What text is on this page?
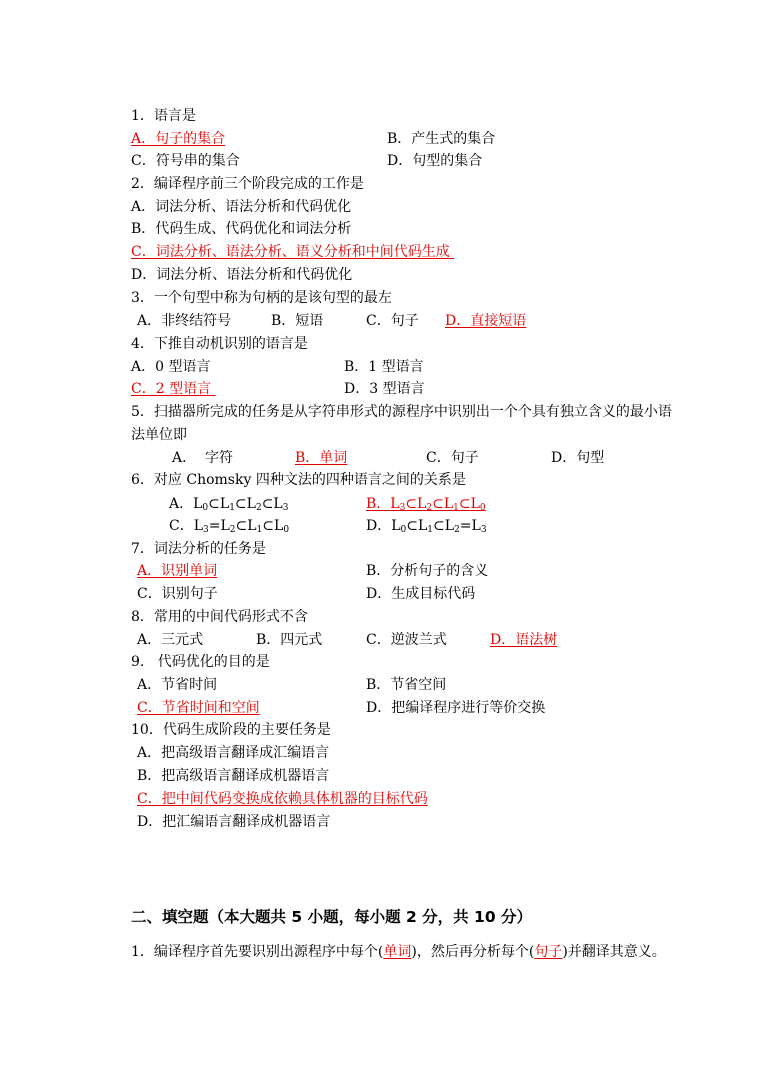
1．语言是
A．句子的集合	B．产生式的集合
C．符号串的集合	D．句型的集合
2．编译程序前三个阶段完成的工作是
A．词法分析、语法分析和代码优化
B．代码生成、代码优化和词法分析
C．词法分析、语法分析、语义分析和中间代码生成
D．词法分析、语法分析和代码优化
3．一个句型中称为句柄的是该句型的最左
A．非终结符号	B．短语	C．句子 D．直接短语
4．下推自动机识别的语言是
A．0 型语言	B．1 型语言
C．2 型语言	D．3 型语言
5．扫描器所完成的任务是从字符串形式的源程序中识别出一个个具有独立含义的最小语
法单位即
A．  字符	B．单词	C．句子	D．句型
6．对应 Chomsky 四种文法的四种语言之间的关系是
A．$L_0\subset L_1\subset L_2\subset L_3$	B．$L_3\subset L_2\subset L_1\subset L_0$
C．$L_3=L_2\subset L_1\subset L_0$	D．$L_0\subset L_1\subset L_2=L_3$
7．词法分析的任务是
A．识别单词	B．分析句子的含义
C．识别句子	D．生成目标代码
8．常用的中间代码形式不含
A．三元式	B．四元式	C．逆波兰式	D．语法树
9.   代码优化的目的是
A．节省时间	B．节省空间
C．节省时间和空间	D．把编译程序进行等价交换
10．代码生成阶段的主要任务是
A．把高级语言翻译成汇编语言
B．把高级语言翻译成机器语言
C．把中间代码变换成依赖具体机器的目标代码
D．把汇编语言翻译成机器语言
二、填空题（本大题共 5 小题，每小题 2 分，共 10 分）
1．编译程序首先要识别出源程序中每个(单词)，然后再分析每个(句子)并翻译其意义。
